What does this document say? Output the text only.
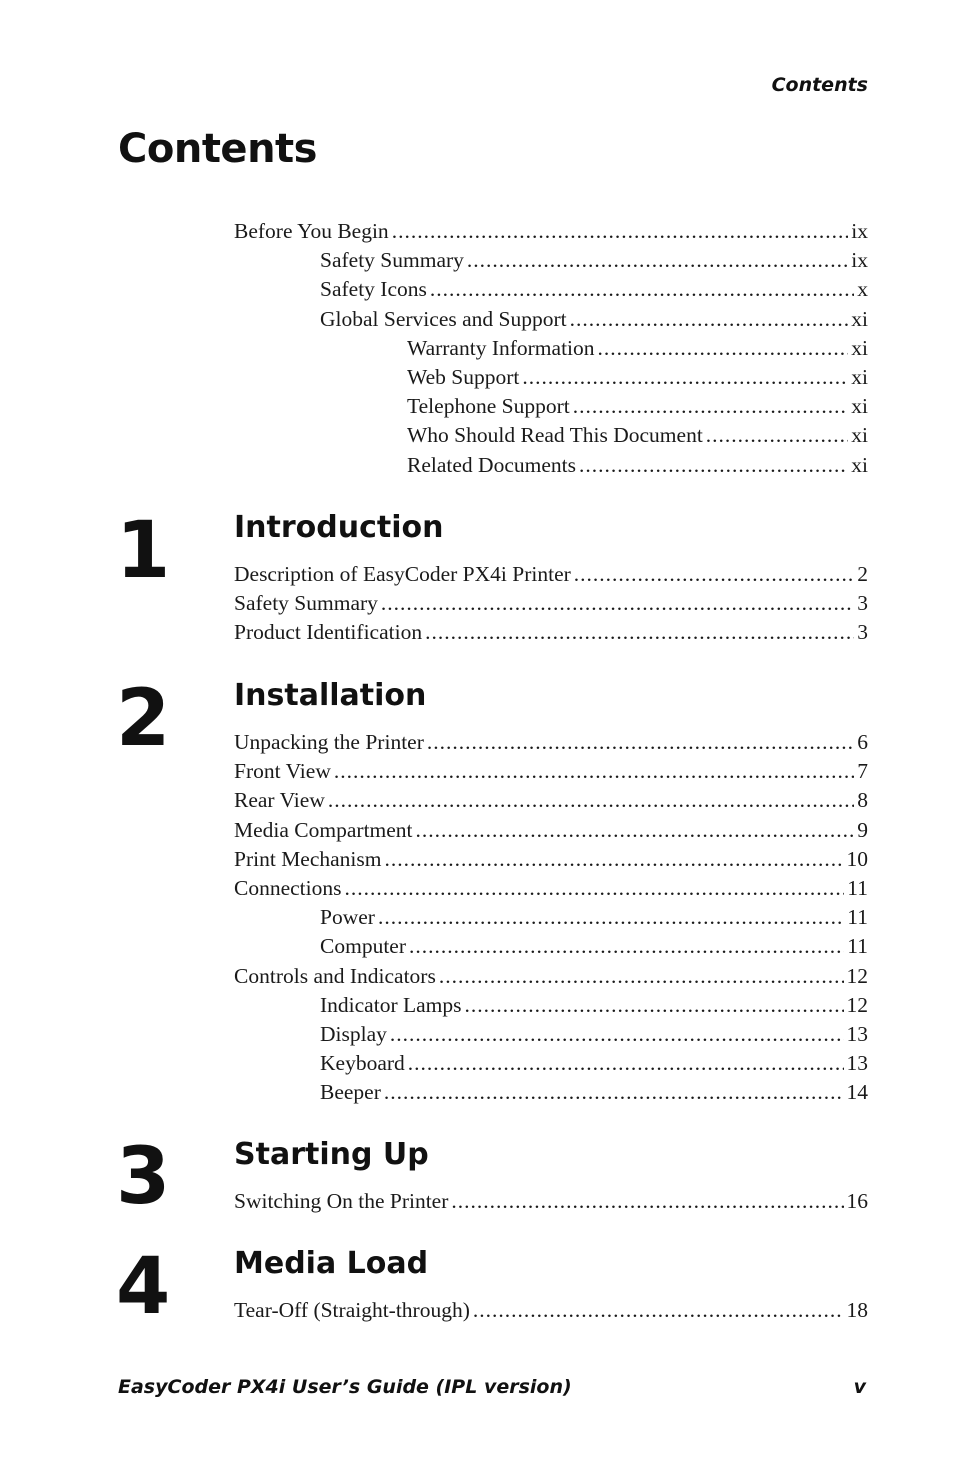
Contents
Contents
Before You Begin .....	ix
Safety Summary .....	ix
Safety Icons .....	x
Global Services and Support .....	xi
Warranty Information .....	xi
Web Support .....	xi
Telephone Support .....	xi
Who Should Read This Document .....	xi
Related Documents .....	xi
1 Introduction
Description of EasyCoder PX4i Printer .....	2
Safety Summary .....	3
Product Identification .....	3
2 Installation
Unpacking the Printer .....	6
Front View .....	7
Rear View .....	8
Media Compartment .....	9
Print Mechanism .....	10
Connections .....	11
Power .....	11
Computer .....	11
Controls and Indicators .....	12
Indicator Lamps .....	12
Display .....	13
Keyboard .....	13
Beeper .....	14
3 Starting Up
Switching On the Printer .....	16
4 Media Load
Tear-Off (Straight-through) .....	18
EasyCoder PX4i User’s Guide (IPL version)	v
